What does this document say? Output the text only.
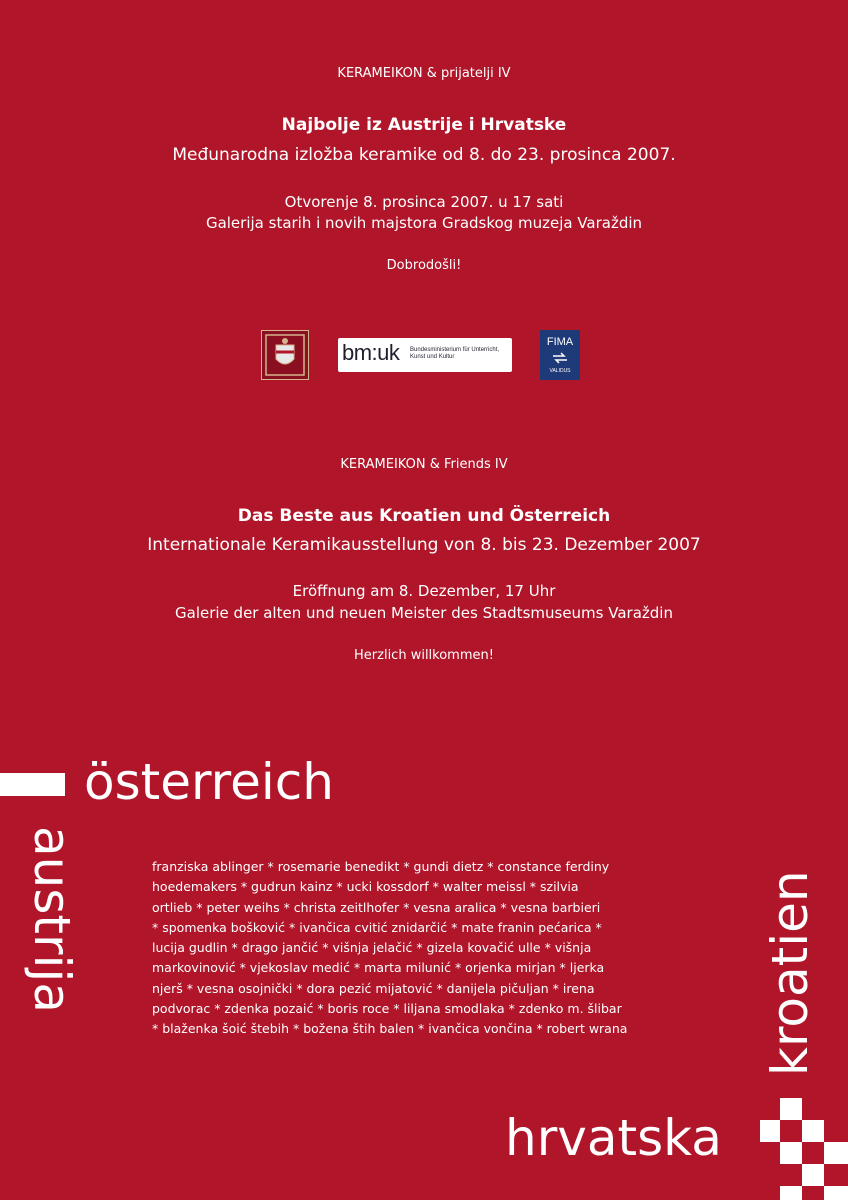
KERAMEIKON & prijatelji IV
Najbolje iz Austrije i Hrvatske
Međunarodna izložba keramike od 8. do 23. prosinca 2007.
Otvorenje 8. prosinca 2007. u 17 sati
Galerija starih i novih majstora Gradskog muzeja Varaždin
Dobrodošli!
bm:uk Bundesministerium für Unterricht, Kunst und Kultur
FIMA
VALIDUS
KERAMEIKON & Friends IV
Das Beste aus Kroatien und Österreich
Internationale Keramikausstellung von 8. bis 23. Dezember 2007
Eröffnung am 8. Dezember, 17 Uhr
Galerie der alten und neuen Meister des Stadtsmuseums Varaždin
Herzlich willkommen!
österreich
austrija	kroatien
hrvatska
franziska ablinger * rosemarie benedikt * gundi dietz * constance ferdiny
hoedemakers * gudrun kainz * ucki kossdorf * walter meissl * szilvia
ortlieb * peter weihs * christa zeitlhofer * vesna aralica * vesna barbieri
* spomenka bošković * ivančica cvitić znidarčić * mate franin pećarica *
lucija gudlin * drago jančić * višnja jelačić * gizela kovačić ulle * višnja
markovinović * vjekoslav medić * marta milunić * orjenka mirjan * ljerka
njerš * vesna osojnički * dora pezić mijatović * danijela pičuljan * irena
podvorac * zdenka pozaić * boris roce * liljana smodlaka * zdenko m. šlibar
* blaženka šoić štebih * božena štih balen * ivančica vončina * robert wrana
